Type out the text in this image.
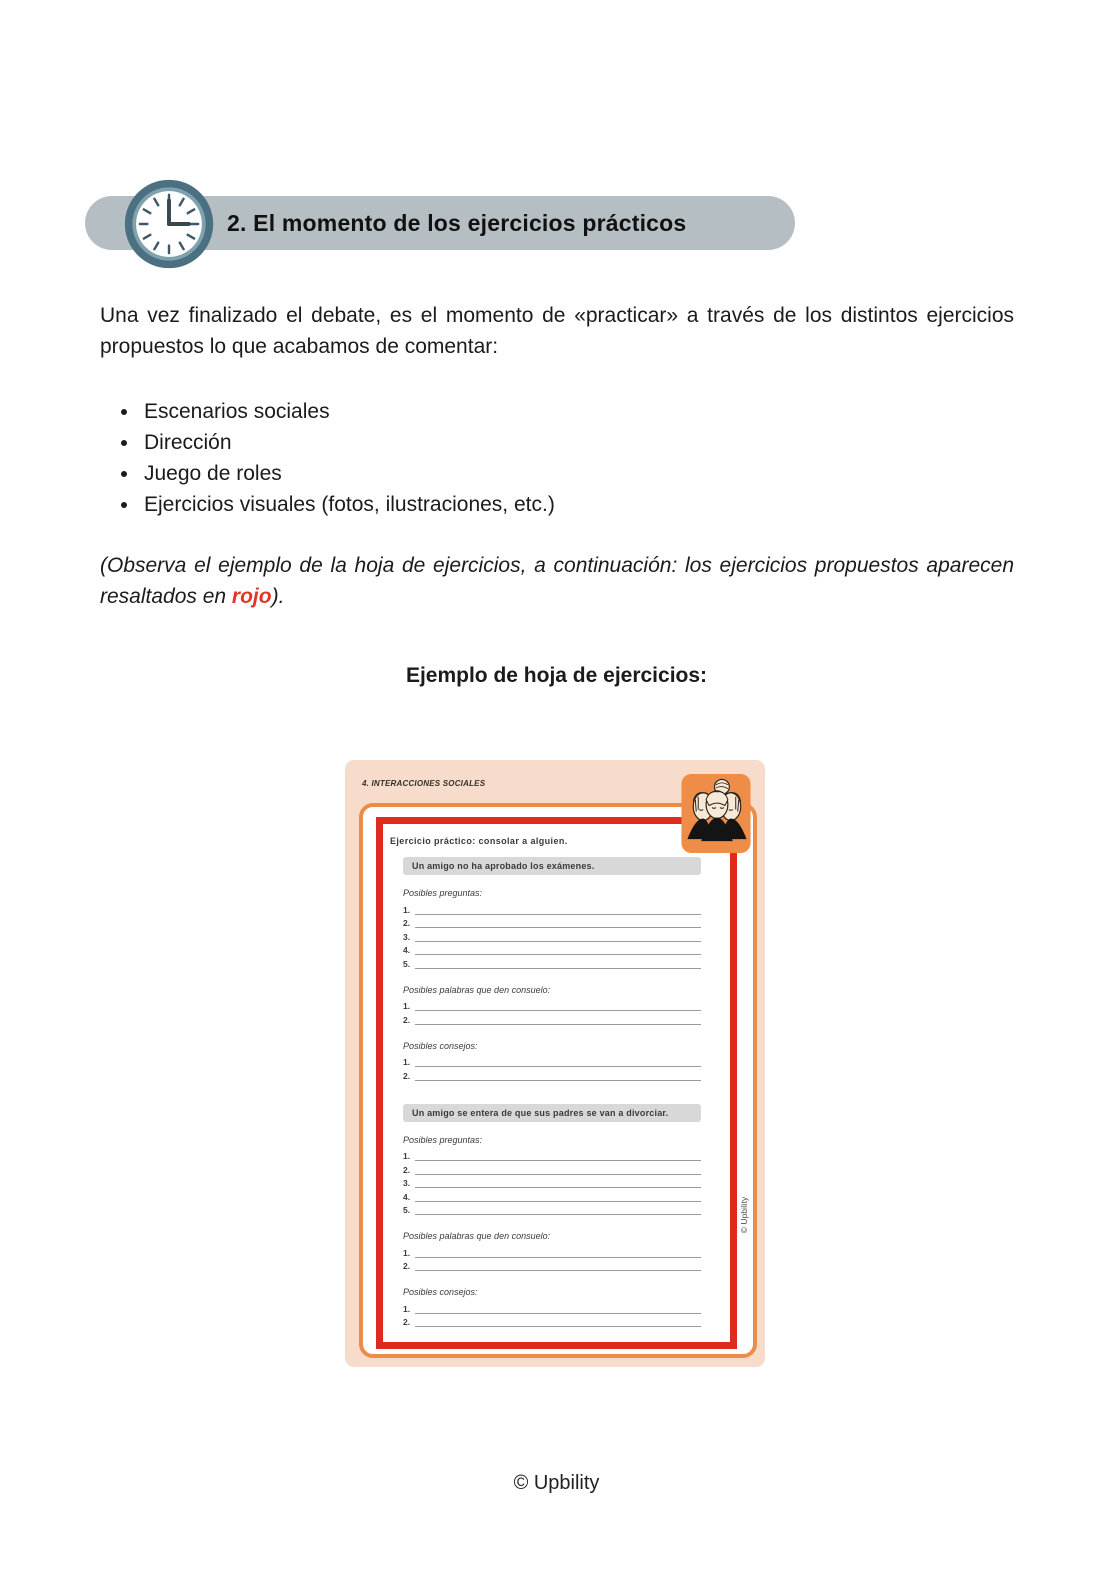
2. El momento de los ejercicios prácticos

Una vez finalizado el debate, es el momento de «practicar» a través de los distintos ejercicios propuestos lo que acabamos de comentar:

• Escenarios sociales
• Dirección
• Juego de roles
• Ejercicios visuales (fotos, ilustraciones, etc.)

(Observa el ejemplo de la hoja de ejercicios, a continuación: los ejercicios propuestos aparecen resaltados en rojo).

Ejemplo de hoja de ejercicios:
4. INTERACCIONES SOCIALES
Ejercicio práctico: consolar a alguien.
Un amigo no ha aprobado los exámenes.
Posibles preguntas:
1.
2.
3.
4.
5.
Posibles palabras que den consuelo:
1.
2.
Posibles consejos:
1.
2.
Un amigo se entera de que sus padres se van a divorciar.
Posibles preguntas:
1.
2.
3.
4.
5.
Posibles palabras que den consuelo:
1.
2.
Posibles consejos:
1.
2.
© Upbility
© Upbility
